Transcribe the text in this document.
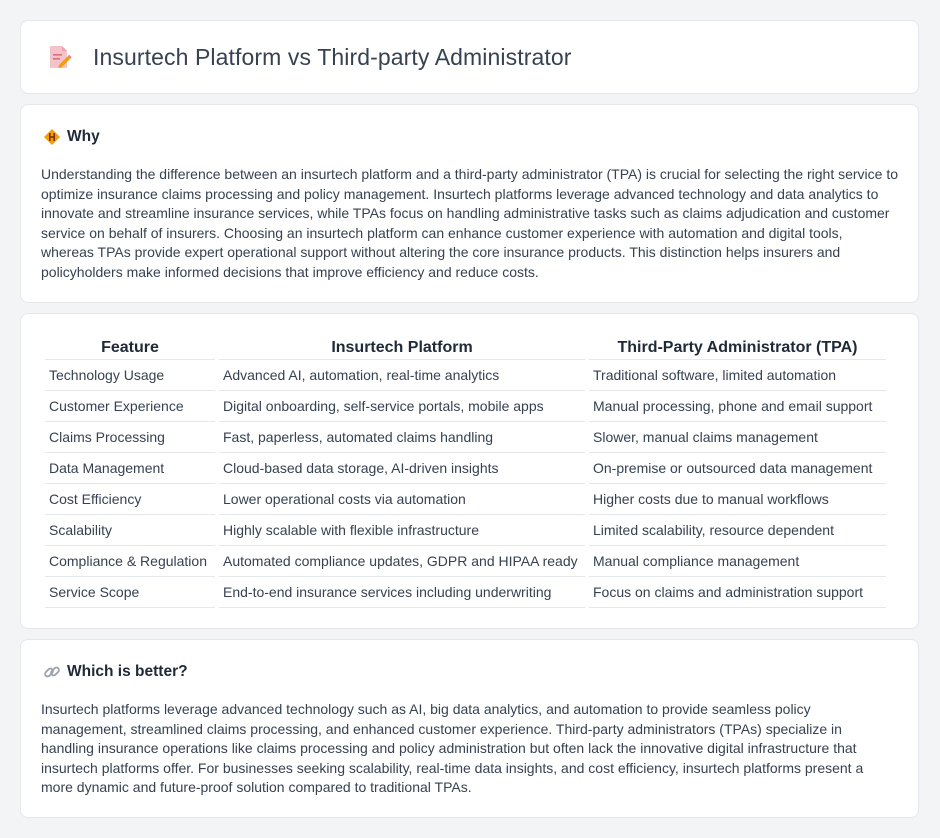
Insurtech Platform vs Third-party Administrator
Why

Understanding the difference between an insurtech platform and a third-party administrator (TPA) is crucial for selecting the right service to optimize insurance claims processing and policy management. Insurtech platforms leverage advanced technology and data analytics to innovate and streamline insurance services, while TPAs focus on handling administrative tasks such as claims adjudication and customer service on behalf of insurers. Choosing an insurtech platform can enhance customer experience with automation and digital tools, whereas TPAs provide expert operational support without altering the core insurance products. This distinction helps insurers and policyholders make informed decisions that improve efficiency and reduce costs.

Feature	Insurtech Platform	Third-Party Administrator (TPA)
Technology Usage	Advanced AI, automation, real-time analytics	Traditional software, limited automation
Customer Experience	Digital onboarding, self-service portals, mobile apps	Manual processing, phone and email support
Claims Processing	Fast, paperless, automated claims handling	Slower, manual claims management
Data Management	Cloud-based data storage, AI-driven insights	On-premise or outsourced data management
Cost Efficiency	Lower operational costs via automation	Higher costs due to manual workflows
Scalability	Highly scalable with flexible infrastructure	Limited scalability, resource dependent
Compliance & Regulation	Automated compliance updates, GDPR and HIPAA ready	Manual compliance management
Service Scope	End-to-end insurance services including underwriting	Focus on claims and administration support
Which is better?

Insurtech platforms leverage advanced technology such as AI, big data analytics, and automation to provide seamless policy management, streamlined claims processing, and enhanced customer experience. Third-party administrators (TPAs) specialize in handling insurance operations like claims processing and policy administration but often lack the innovative digital infrastructure that insurtech platforms offer. For businesses seeking scalability, real-time data insights, and cost efficiency, insurtech platforms present a more dynamic and future-proof solution compared to traditional TPAs.
